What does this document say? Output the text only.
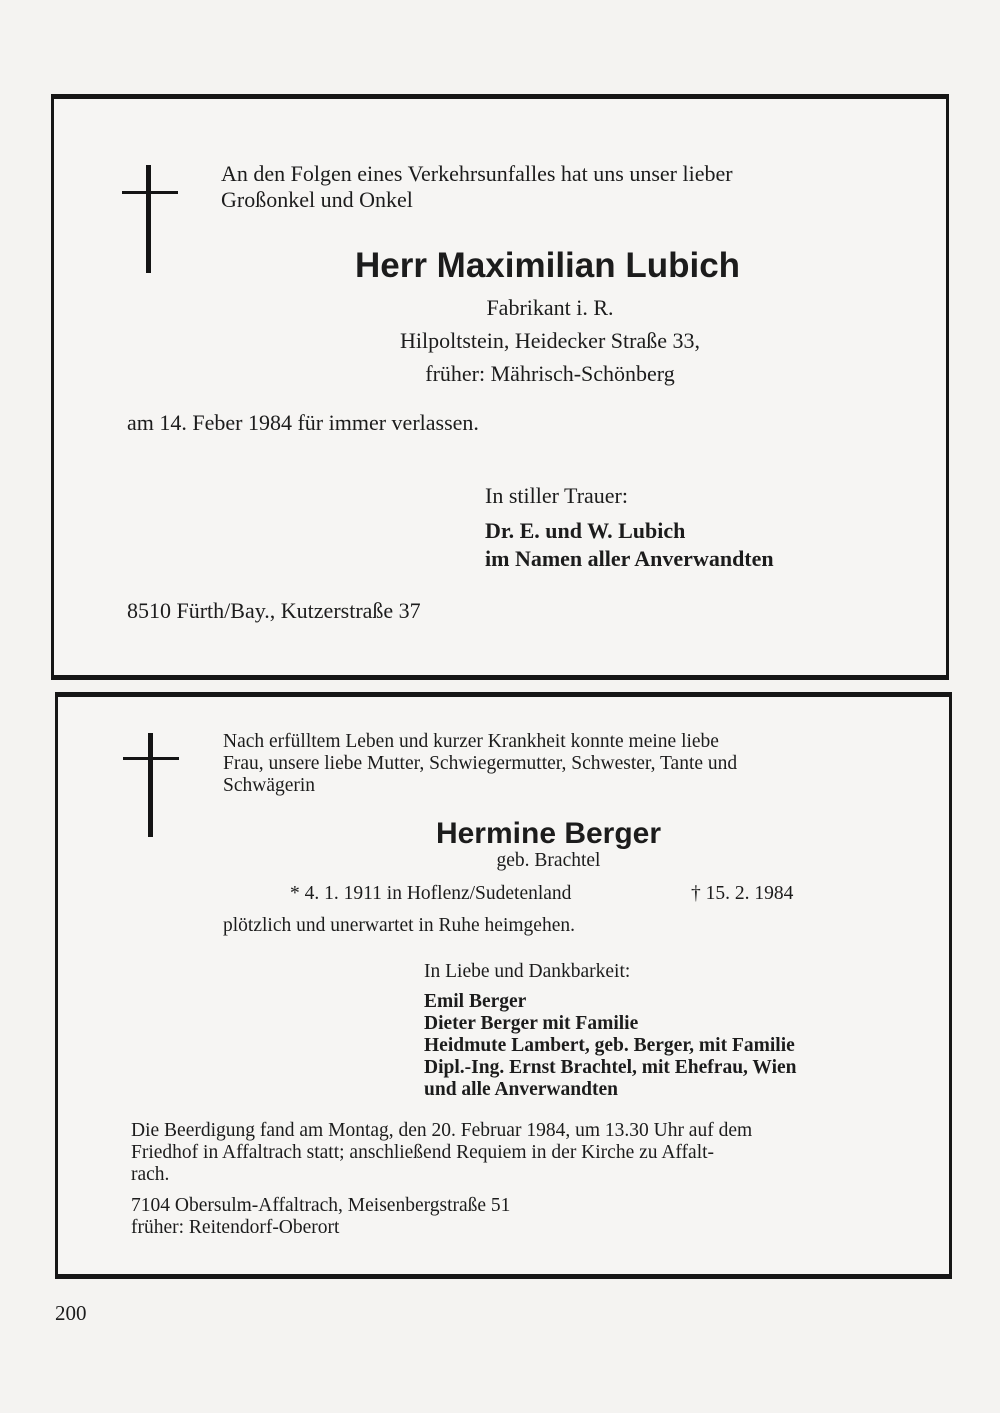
An den Folgen eines Verkehrsunfalles hat uns unser lieber
Großonkel und Onkel
Herr Maximilian Lubich
Fabrikant i. R.
Hilpoltstein, Heidecker Straße 33,
früher: Mährisch-Schönberg
am 14. Feber 1984 für immer verlassen.
In stiller Trauer:
Dr. E. und W. Lubich
im Namen aller Anverwandten
8510 Fürth/Bay., Kutzerstraße 37
Nach erfülltem Leben und kurzer Krankheit konnte meine liebe
Frau, unsere liebe Mutter, Schwiegermutter, Schwester, Tante und
Schwägerin
Hermine Berger
geb. Brachtel
* 4. 1. 1911 in Hoflenz/Sudetenland	† 15. 2. 1984
plötzlich und unerwartet in Ruhe heimgehen.
In Liebe und Dankbarkeit:
Emil Berger
Dieter Berger mit Familie
Heidmute Lambert, geb. Berger, mit Familie
Dipl.-Ing. Ernst Brachtel, mit Ehefrau, Wien
und alle Anverwandten
Die Beerdigung fand am Montag, den 20. Februar 1984, um 13.30 Uhr auf dem
Friedhof in Affaltrach statt; anschließend Requiem in der Kirche zu Affalt-
rach.
7104 Obersulm-Affaltrach, Meisenbergstraße 51
früher: Reitendorf-Oberort
200
